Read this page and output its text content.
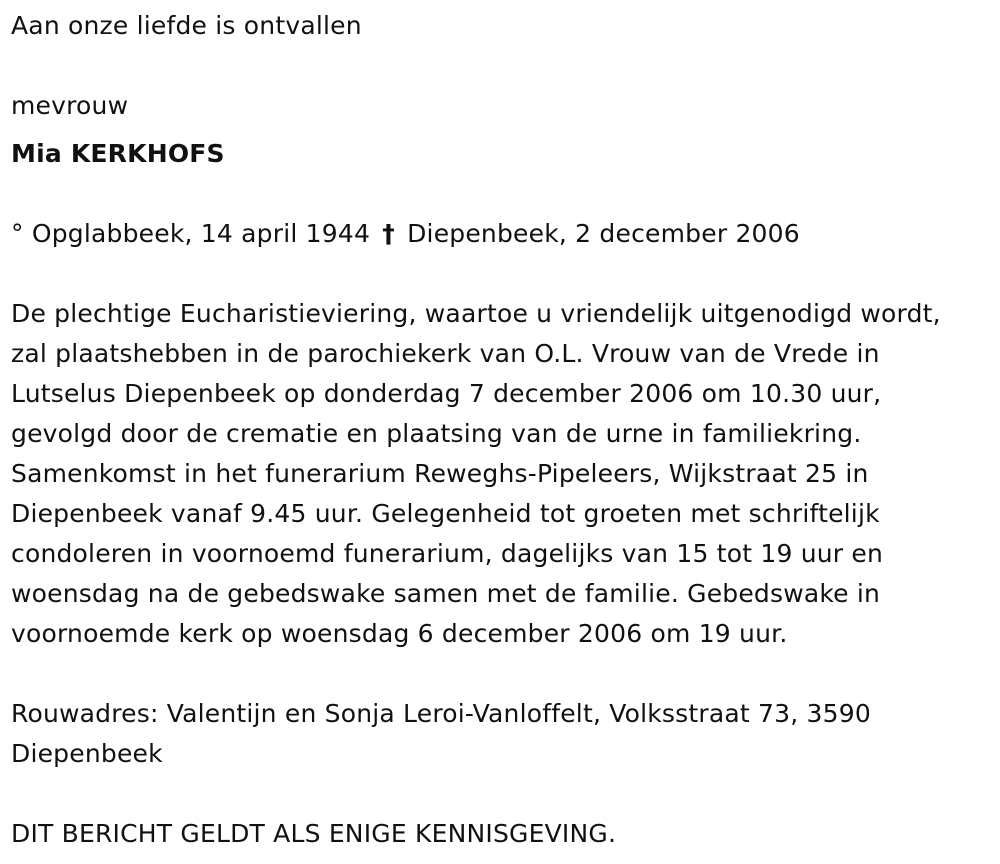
Aan onze liefde is ontvallen
mevrouw
Mia KERKHOFS
° Opglabbeek, 14 april 1944 † Diepenbeek, 2 december 2006
De plechtige Eucharistieviering, waartoe u vriendelijk uitgenodigd wordt,
zal plaatshebben in de parochiekerk van O.L. Vrouw van de Vrede in
Lutselus Diepenbeek op donderdag 7 december 2006 om 10.30 uur,
gevolgd door de crematie en plaatsing van de urne in familiekring.
Samenkomst in het funerarium Reweghs-Pipeleers, Wijkstraat 25 in
Diepenbeek vanaf 9.45 uur. Gelegenheid tot groeten met schriftelijk
condoleren in voornoemd funerarium, dagelijks van 15 tot 19 uur en
woensdag na de gebedswake samen met de familie. Gebedswake in
voornoemde kerk op woensdag 6 december 2006 om 19 uur.
Rouwadres: Valentijn en Sonja Leroi-Vanloffelt, Volksstraat 73, 3590
Diepenbeek
DIT BERICHT GELDT ALS ENIGE KENNISGEVING.
